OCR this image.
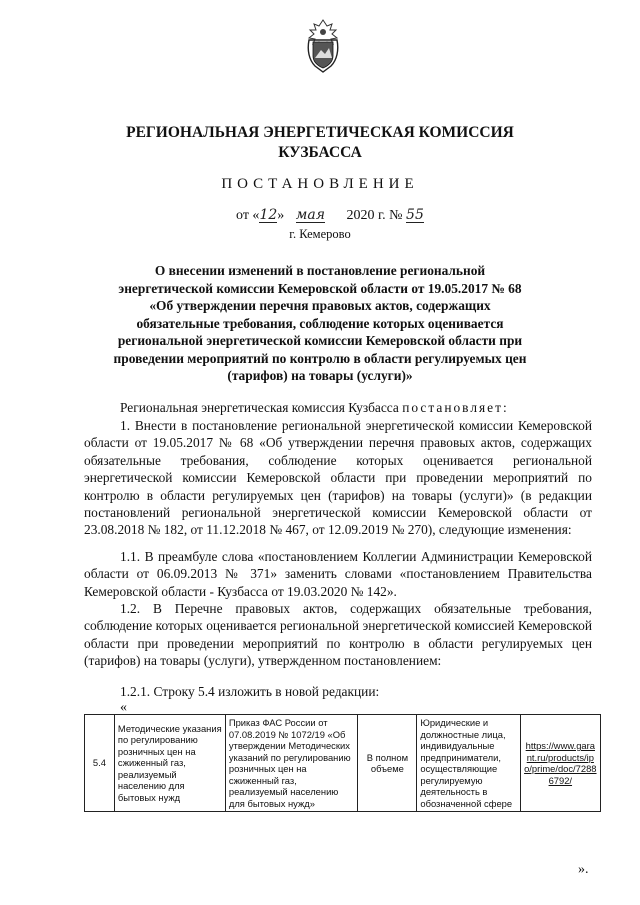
РЕГИОНАЛЬНАЯ ЭНЕРГЕТИЧЕСКАЯ КОМИССИЯ
КУЗБАССА
ПОСТАНОВЛЕНИЕ
от «12» мая 2020 г. № 55
г. Кемерово
О внесении изменений в постановление региональной энергетической комиссии Кемеровской области от 19.05.2017 № 68 «Об утверждении перечня правовых актов, содержащих обязательные требования, соблюдение которых оценивается региональной энергетической комиссии Кемеровской области при проведении мероприятий по контролю в области регулируемых цен (тарифов) на товары (услуги)»
Региональная энергетическая комиссия Кузбасса постановляет:
1. Внести в постановление региональной энергетической комиссии Кемеровской области от 19.05.2017 № 68 «Об утверждении перечня правовых актов, содержащих обязательные требования, соблюдение которых оценивается региональной энергетической комиссии Кемеровской области при проведении мероприятий по контролю в области регулируемых цен (тарифов) на товары (услуги)» (в редакции постановлений региональной энергетической комиссии Кемеровской области от 23.08.2018 № 182, от 11.12.2018 № 467, от 12.09.2019 № 270), следующие изменения:
1.1. В преамбуле слова «постановлением Коллегии Администрации Кемеровской области от 06.09.2013 № 371» заменить словами «постановлением Правительства Кемеровской области - Кузбасса от 19.03.2020 № 142».
1.2. В Перечне правовых актов, содержащих обязательные требования, соблюдение которых оценивается региональной энергетической комиссией Кемеровской области при проведении мероприятий по контролю в области регулируемых цен (тарифов) на товары (услуги), утвержденном постановлением:
1.2.1. Строку 5.4 изложить в новой редакции:
«
5.4	Методические указания по регулированию розничных цен на сжиженный газ, реализуемый населению для бытовых нужд	Приказ ФАС России от 07.08.2019 № 1072/19 «Об утверждении Методических указаний по регулированию розничных цен на сжиженный газ, реализуемый населению для бытовых нужд»	В полном объеме	Юридические и должностные лица, индивидуальные предприниматели, осуществляющие регулируемую деятельность в обозначенной сфере	https://www.garant.ru/products/ipo/prime/doc/72886792/
».
